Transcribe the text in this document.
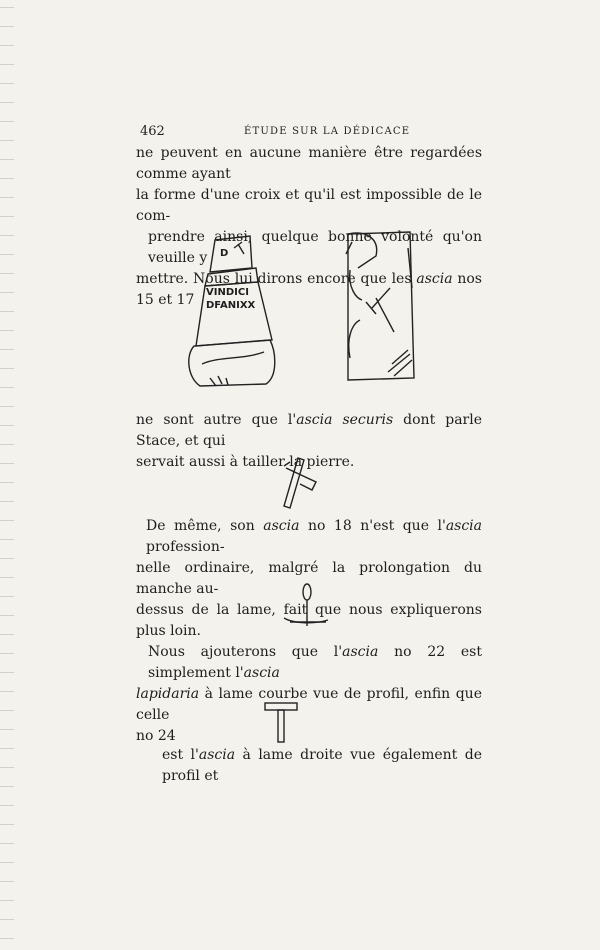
462	ÉTUDE SUR LA DÉDICACE
ne peuvent en aucune manière être regardées comme ayant
la forme d'une croix et qu'il est impossible de le com-
prendre ainsi, quelque bonne volonté qu'on veuille y
mettre. Nous lui dirons encore que les ascia nos 15 et 17
D
VINDICI
DFANIXX
ne sont autre que l'ascia securis dont parle Stace, et qui
servait aussi à tailler la pierre.
De même, son ascia no 18 n'est que l'ascia profession-
nelle ordinaire, malgré la prolongation du manche au-
dessus de la lame, fait que nous expliquerons plus loin.
Nous ajouterons que l'ascia no 22 est simplement l'ascia
lapidaria à lame courbe vue de profil, enfin que celle
no 24
est l'ascia à lame droite vue également de profil et
